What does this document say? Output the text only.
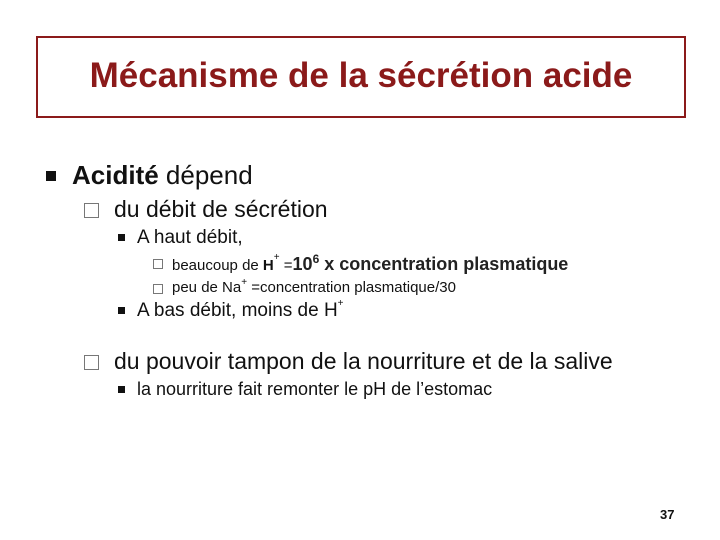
Mécanisme de la sécrétion acide
Acidité dépend
du débit de sécrétion
A haut débit,
beaucoup de $H^+ =10^6$ x concentration plasmatique
peu de Na+ =concentration plasmatique/30
A bas débit, moins de H+
du pouvoir tampon de la nourriture et de la salive
la nourriture fait remonter le pH de l’estomac
37
